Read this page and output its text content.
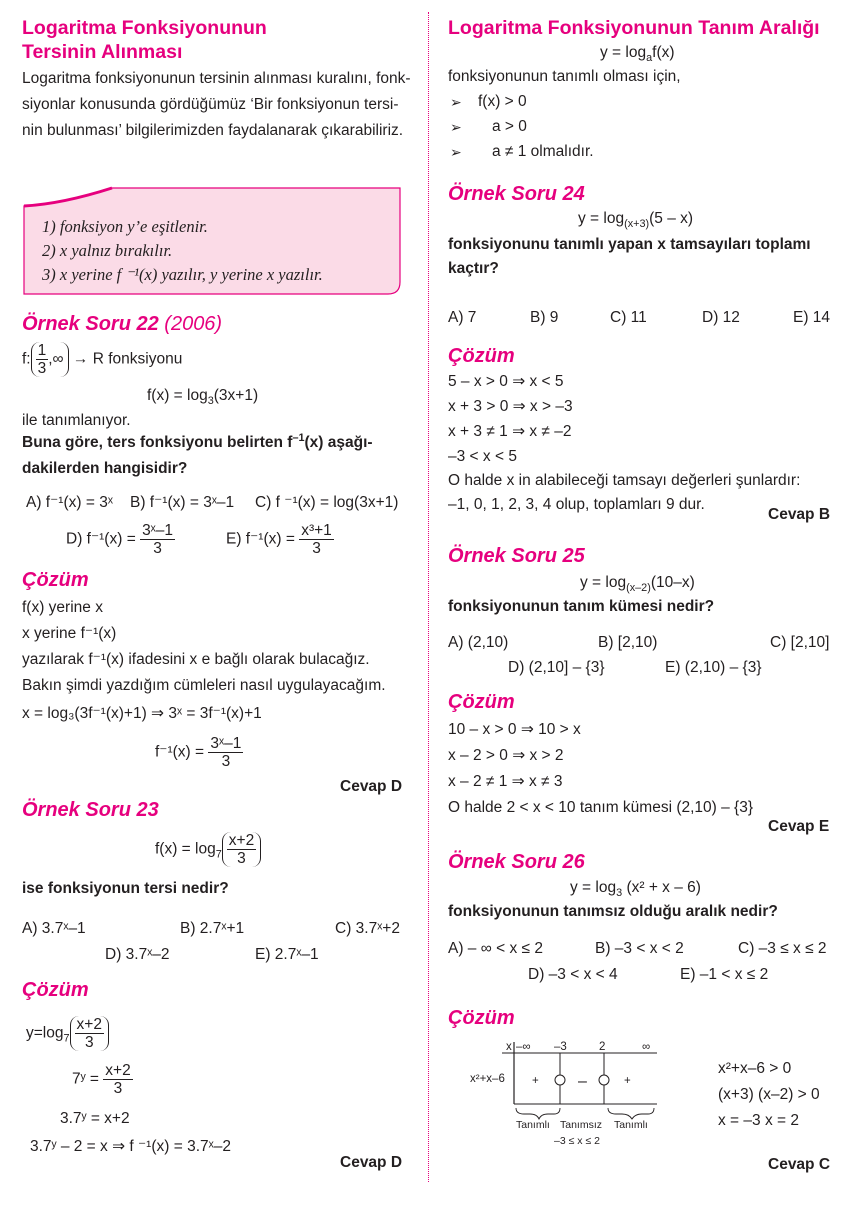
Logaritma Fonksiyonunun
Tersinin Alınması
Logaritma fonksiyonunun tersinin alınması kuralını, fonk-
siyonlar konusunda gördüğümüz ‘Bir fonksiyonun tersi-
nin bulunması’ bilgilerimizden faydalanarak çıkarabiliriz.
1) fonksiyon y’e eşitlenir.
2) x yalnız bırakılır.
3) x yerine f ⁻¹(x) yazılır, y yerine x yazılır.
Örnek Soru 22 (2006)
f: $\frac{1}{3}$ ,∞ → R fonksiyonu
$f(x) = \log_3(3x+1)$
ile tanımlanıyor.
Buna göre, ters fonksiyonu belirten $f^{-1}(x)$ aşağı-
dakilerden hangisidir?
A) f⁻¹(x) = 3ˣ B) f⁻¹(x) = 3ˣ–1 C) f ⁻¹(x) = log(3x+1)
D) $f^{-1}(x) = \frac{\text{3ˣ–1}}{3}$	E) $f^{-1}(x) = \frac{\text{x³+1}}{3}$
Çözüm
f(x) yerine x
x yerine f⁻¹(x)
yazılarak f⁻¹(x) ifadesini x e bağlı olarak bulacağız.
Bakın şimdi yazdığım cümleleri nasıl uygulayacağım.
x = log₃(3f⁻¹(x)+1) ⇒ 3ˣ = 3f⁻¹(x)+1
$f^{-1}(x) = \frac{\text{3ˣ–1}}{3}$
Cevap D
Örnek Soru 23
$f(x) = \log_7 \frac{x+2}{3}$
ise fonksiyonun tersi nedir?
A) 3.7ˣ–1	B) 2.7ˣ+1	C) 3.7ˣ+2
D) 3.7ˣ–2	E) 2.7ˣ–1
Çözüm
$y=\log_7 \frac{x+2}{3}$
7ʸ = $\frac{x+2}{3}$
3.7ʸ = x+2
3.7ʸ – 2 = x ⇒ f ⁻¹(x) = 3.7ˣ–2
Cevap D
Logaritma Fonksiyonunun Tanım Aralığı
$y = \log_af(x)$
fonksiyonunun tanımlı olması için,
➢ f(x) > 0
➢ a > 0
➢ a ≠ 1 olmalıdır.
Örnek Soru 24
$y = \log_{(x+3)}(5 - x)$
fonksiyonunu tanımlı yapan x tamsayıları toplamı
kaçtır?
A) 7	B) 9	C) 11	D) 12	E) 14
Çözüm
5 – x > 0 ⇒ x < 5
x + 3 > 0 ⇒ x > –3
x + 3 ≠ 1 ⇒ x ≠ –2
–3 < x < 5
O halde x in alabileceği tamsayı değerleri şunlardır:
–1, 0, 1, 2, 3, 4 olup, toplamları 9 dur.
Cevap B
Örnek Soru 25
$y = \log_{(x-2)}(10-x)$
fonksiyonunun tanım kümesi nedir?
A) (2,10)	B) [2,10)	C) [2,10]
D) (2,10] – {3}	E) (2,10) – {3}
Çözüm
10 – x > 0 ⇒ 10 > x
x – 2 > 0 ⇒ x > 2
x – 2 ≠ 1 ⇒ x ≠ 3
O halde 2 < x < 10 tanım kümesi (2,10) – {3}
Cevap E
Örnek Soru 26
$y = \log_3 (x^2 + x - 6)$
fonksiyonunun tanımsız olduğu aralık nedir?
A) – ∞ < x ≤ 2	B) –3 < x < 2	C) –3 ≤ x ≤ 2
D) –3 < x < 4	E) –1 < x ≤ 2
Çözüm
x –∞ –3	2	∞
x²+x–6 + –	+
Tanımlı Tanımsız Tanımlı
–3 ≤ x ≤ 2
x²+x–6 > 0
(x+3) (x–2) > 0
x = –3 x = 2
Cevap C
